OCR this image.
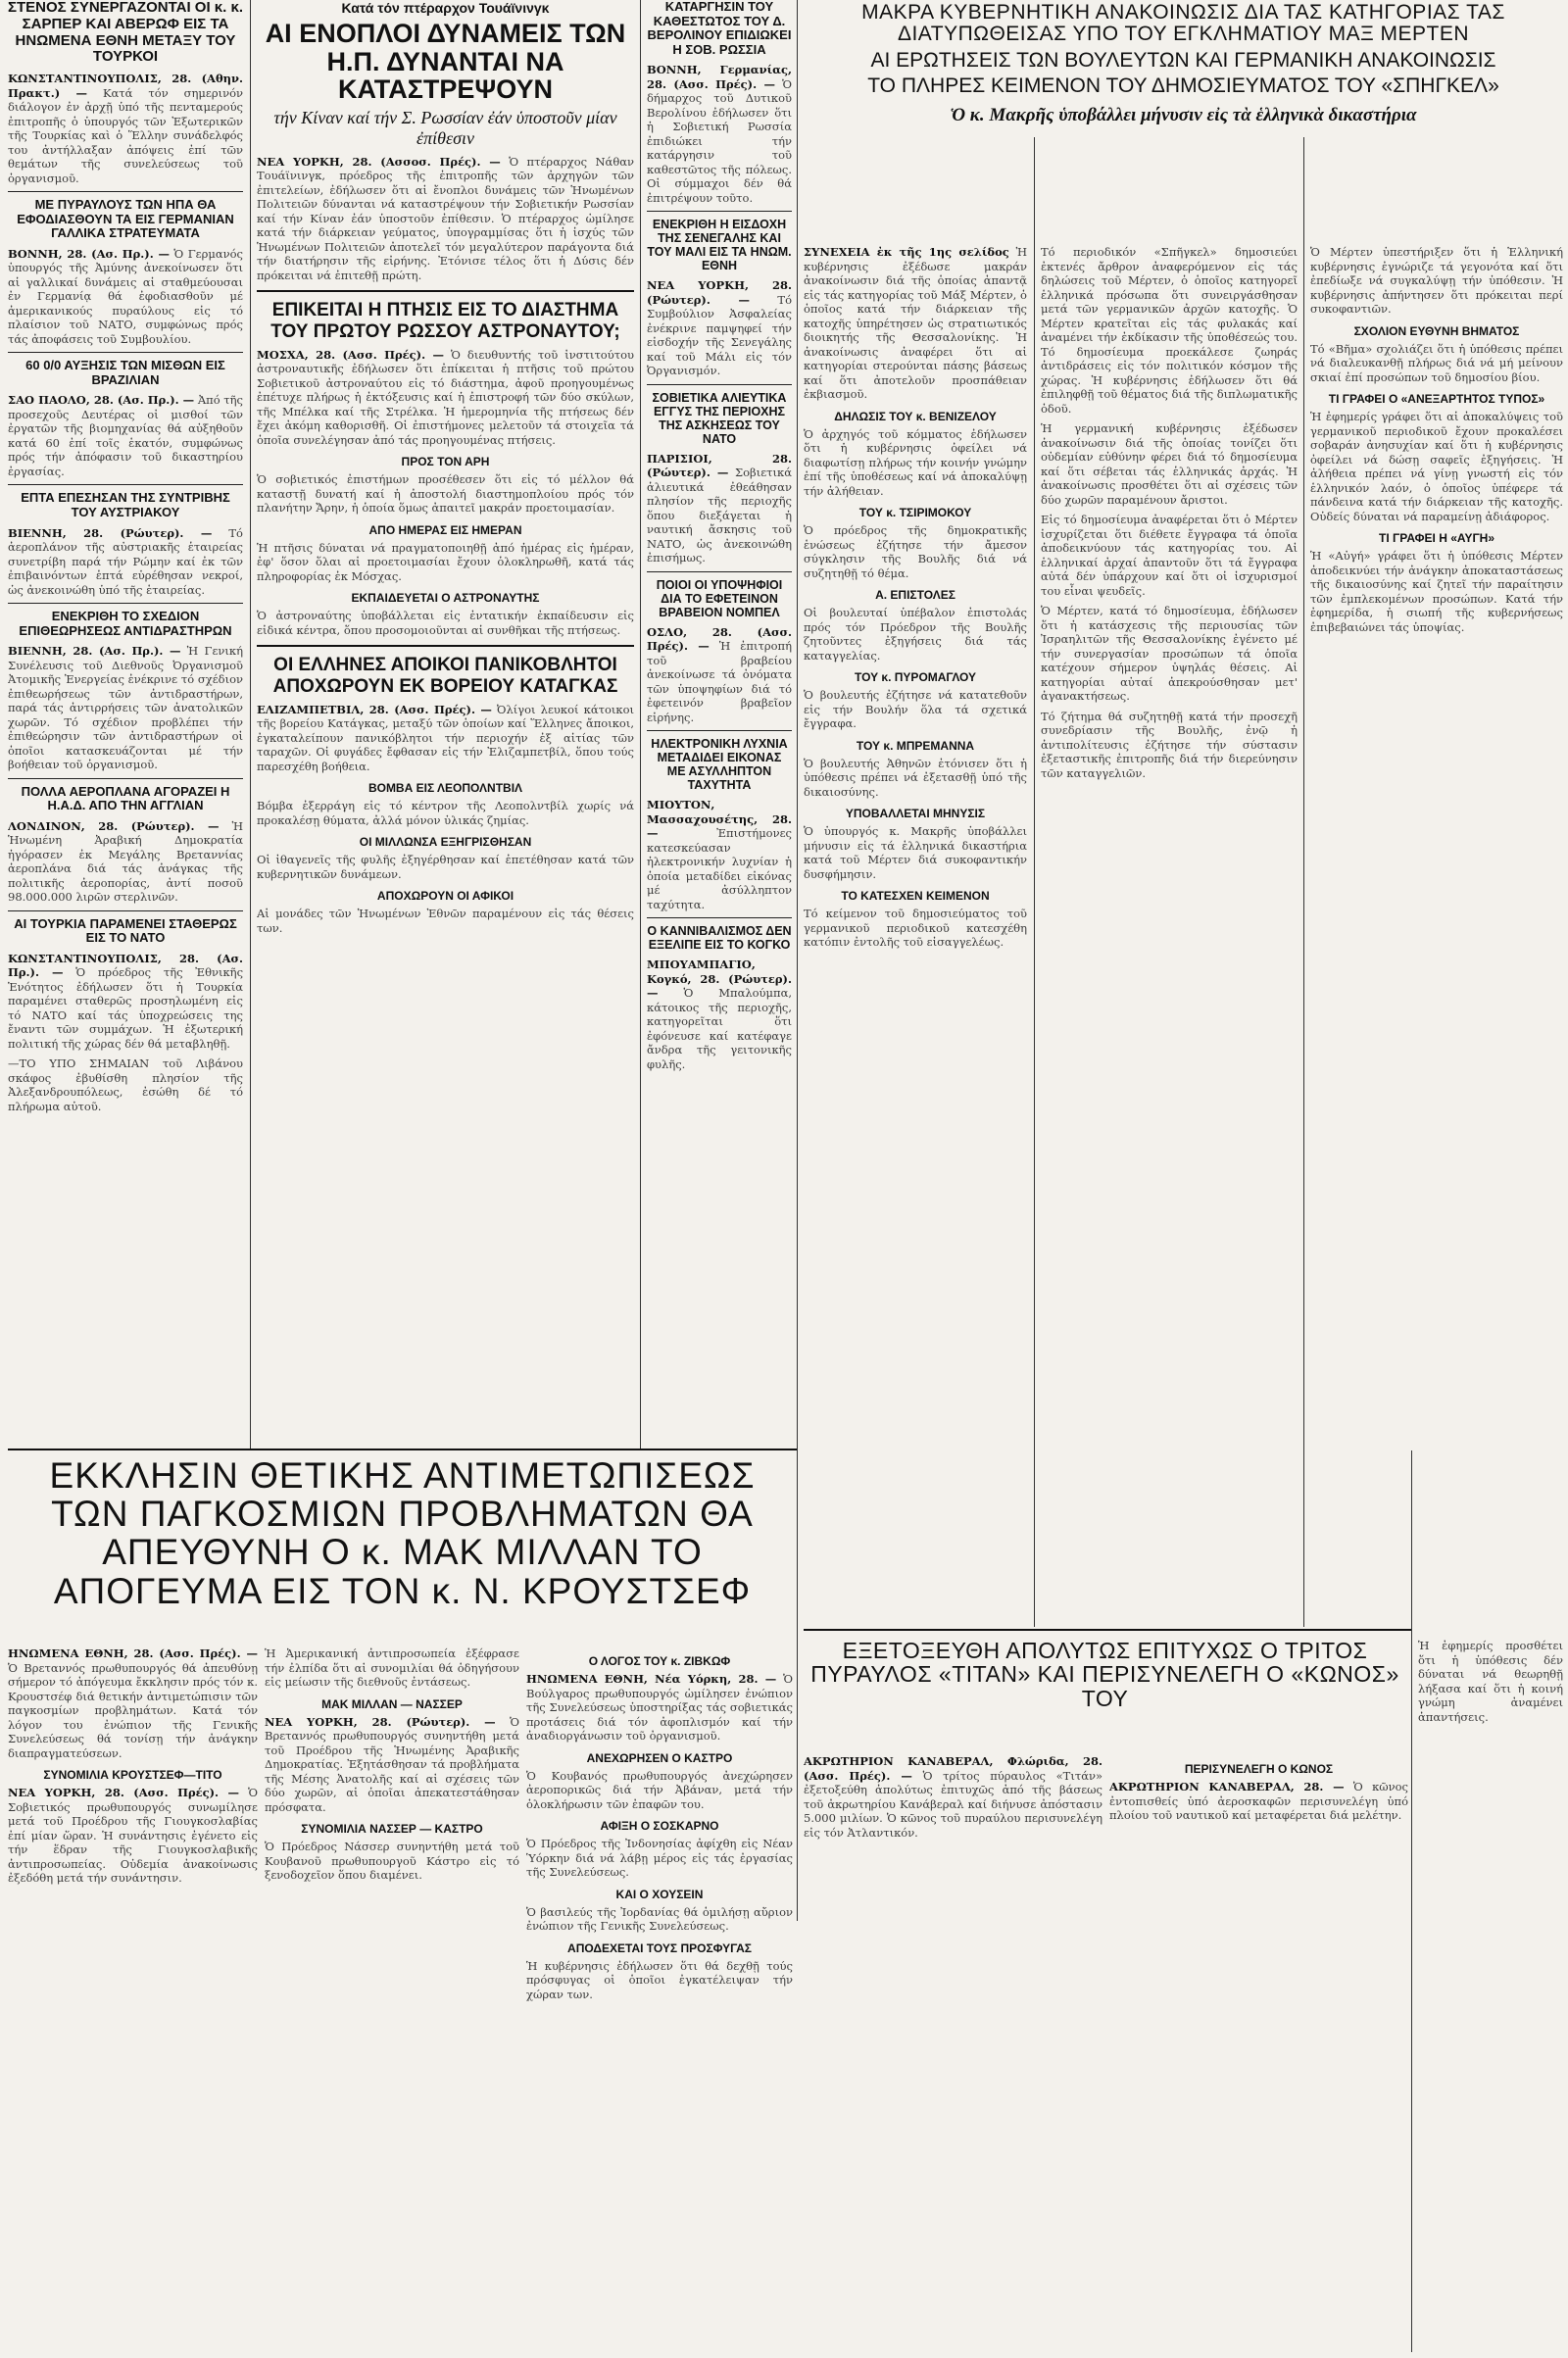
ΣΤΕΝΟΣ ΣΥΝΕΡΓΑΖΟΝΤΑΙ ΟΙ κ. κ. ΣΑΡΠΕΡ ΚΑΙ ΑΒΕΡΩΦ ΕΙΣ ΤΑ ΗΝΩΜΕΝΑ ΕΘΝΗ ΜΕΤΑΞΥ ΤΟΥ ΤΟΥΡΚΟΙ

ΚΩΝΣΤΑΝΤΙΝΟΥΠΟΛΙΣ, 28. (Αθην. Πρακτ.) — Κατά τόν σημερινόν διάλογον ἐν ἀρχῇ ὑπό τῆς πενταμερούς ἐπιτροπῆς ὁ ὑπουργός τῶν Ἐξωτερικῶν τῆς Τουρκίας καὶ ὁ Ἕλλην συνάδελφός του ἀντήλλαξαν ἀπόψεις ἐπί τῶν θεμάτων τῆς συνελεύσεως τοῦ ὀργανισμοῦ.

ΜΕ ΠΥΡΑΥΛΟΥΣ ΤΩΝ ΗΠΑ ΘΑ ΕΦΟΔΙΑΣΘΟΥΝ ΤΑ ΕΙΣ ΓΕΡΜΑΝΙΑΝ ΓΑΛΛΙΚΑ ΣΤΡΑΤΕΥΜΑΤΑ

ΒΟΝΝΗ, 28. (Ασ. Πρ.). — Ὁ Γερμανός ὑπουργός τῆς Ἀμύνης ἀνεκοίνωσεν ὅτι αἱ γαλλικαί δυνάμεις αἱ σταθμεύουσαι ἐν Γερμανίᾳ θά ἐφοδιασθοῦν μέ ἀμερικανικούς πυραύλους εἰς τό πλαίσιον τοῦ ΝΑΤΟ, συμφώνως πρός τάς ἀποφάσεις τοῦ Συμβουλίου.

60 0/0 ΑΥΞΗΣΙΣ ΤΩΝ ΜΙΣΘΩΝ ΕΙΣ ΒΡΑΖΙΛΙΑΝ

ΣΑΟ ΠΑΟΛΟ, 28. (Ασ. Πρ.). — Ἀπό τῆς προσεχοῦς Δευτέρας οἱ μισθοί τῶν ἐργατῶν τῆς βιομηχανίας θά αὐξηθοῦν κατά 60 ἐπί τοῖς ἑκατόν, συμφώνως πρός τήν ἀπόφασιν τοῦ δικαστηρίου ἐργασίας.

ΕΠΤΑ ΕΠΕΣΗΣΑΝ ΤΗΣ ΣΥΝΤΡΙΒΗΣ ΤΟΥ ΑΥΣΤΡΙΑΚΟΥ

ΒΙΕΝΝΗ, 28. (Ρώυτερ). — Τό ἀεροπλάνον τῆς αὐστριακῆς ἑταιρείας συνετρίβη παρά τήν Ρώμην καί ἐκ τῶν ἐπιβαινόντων ἑπτά εὑρέθησαν νεκροί, ὡς ἀνεκοινώθη ὑπό τῆς ἑταιρείας.

ΕΝΕΚΡΙΘΗ ΤΟ ΣΧΕΔΙΟΝ ΕΠΙΘΕΩΡΗΣΕΩΣ ΑΝΤΙΔΡΑΣΤΗΡΩΝ

ΒΙΕΝΝΗ, 28. (Ασ. Πρ.). — Ἡ Γενική Συνέλευσις τοῦ Διεθνοῦς Ὀργανισμοῦ Ἀτομικῆς Ἐνεργείας ἐνέκρινε τό σχέδιον ἐπιθεωρήσεως τῶν ἀντιδραστήρων, παρά τάς ἀντιρρήσεις τῶν ἀνατολικῶν χωρῶν. Τό σχέδιον προβλέπει τήν ἐπιθεώρησιν τῶν ἀντιδραστήρων οἱ ὁποῖοι κατασκευάζονται μέ τήν βοήθειαν τοῦ ὀργανισμοῦ.

ΠΟΛΛΑ ΑΕΡΟΠΛΑΝΑ ΑΓΟΡΑΖΕΙ Η Η.Α.Δ. ΑΠΟ ΤΗΝ ΑΓΓΛΙΑΝ

ΛΟΝΔΙΝΟΝ, 28. (Ρώυτερ). — Ἡ Ἡνωμένη Ἀραβική Δημοκρατία ἠγόρασεν ἐκ Μεγάλης Βρεταννίας ἀεροπλάνα διά τάς ἀνάγκας τῆς πολιτικῆς ἀεροπορίας, ἀντί ποσοῦ 98.000.000 λιρῶν στερλινῶν.

ΑΙ ΤΟΥΡΚΙΑ ΠΑΡΑΜΕΝΕΙ ΣΤΑΘΕΡΩΣ ΕΙΣ ΤΟ ΝΑΤΟ

ΚΩΝΣΤΑΝΤΙΝΟΥΠΟΛΙΣ, 28. (Ασ. Πρ.). — Ὁ πρόεδρος τῆς Ἐθνικῆς Ἑνότητος ἐδήλωσεν ὅτι ἡ Τουρκία παραμένει σταθερῶς προσηλωμένη εἰς τό ΝΑΤΟ καί τάς ὑποχρεώσεις της ἔναντι τῶν συμμάχων. Ἡ ἐξωτερική πολιτική τῆς χώρας δέν θά μεταβληθῇ.

—ΤΟ ΥΠΟ ΣΗΜΑΙΑΝ τοῦ Λιβάνου σκάφος ἐβυθίσθη πλησίον τῆς Ἀλεξανδρουπόλεως, ἐσώθη δέ τό πλήρωμα αὐτοῦ.

Κατά τόν πτέραρχον Τουάϊνινγκ
ΑΙ ΕΝΟΠΛΟΙ ΔΥΝΑΜΕΙΣ ΤΩΝ Η.Π. ΔΥΝΑΝΤΑΙ ΝΑ ΚΑΤΑΣΤΡΕΨΟΥΝ
τήν Κίναν καί τήν Σ. Ρωσσίαν ἐάν ὑποστοῦν μίαν ἐπίθεσιν

ΝΕΑ ΥΟΡΚΗ, 28. (Ασσοσ. Πρές). — Ὁ πτέραρχος Νάθαν Τουάϊνινγκ, πρόεδρος τῆς ἐπιτροπῆς τῶν ἀρχηγῶν τῶν ἐπιτελείων, ἐδήλωσεν ὅτι αἱ ἔνοπλοι δυνάμεις τῶν Ἡνωμένων Πολιτειῶν δύνανται νά καταστρέψουν τήν Σοβιετικήν Ρωσσίαν καί τήν Κίναν ἐάν ὑποστοῦν ἐπίθεσιν. Ὁ πτέραρχος ὡμίλησε κατά τήν διάρκειαν γεύματος, ὑπογραμμίσας ὅτι ἡ ἰσχύς τῶν Ἡνωμένων Πολιτειῶν ἀποτελεῖ τόν μεγαλύτερον παράγοντα διά τήν διατήρησιν τῆς εἰρήνης. Ἐτόνισε τέλος ὅτι ἡ Δύσις δέν πρόκειται νά ἐπιτεθῇ πρώτη.

ΕΠΙΚΕΙΤΑΙ Η ΠΤΗΣΙΣ ΕΙΣ ΤΟ ΔΙΑΣΤΗΜΑ ΤΟΥ ΠΡΩΤΟΥ ΡΩΣΣΟΥ ΑΣΤΡΟΝΑΥΤΟΥ;

ΜΟΣΧΑ, 28. (Ασσ. Πρές). — Ὁ διευθυντής τοῦ ἰνστιτούτου ἀστροναυτικῆς ἐδήλωσεν ὅτι ἐπίκειται ἡ πτῆσις τοῦ πρώτου Σοβιετικοῦ ἀστροναύτου εἰς τό διάστημα, ἀφοῦ προηγουμένως ἐπέτυχε πλήρως ἡ ἐκτόξευσις καί ἡ ἐπιστροφή τῶν δύο σκύλων, τῆς Μπέλκα καί τῆς Στρέλκα. Ἡ ἡμερομηνία τῆς πτήσεως δέν ἔχει ἀκόμη καθορισθῆ. Οἱ ἐπιστήμονες μελετοῦν τά στοιχεῖα τά ὁποῖα συνελέγησαν ἀπό τάς προηγουμένας πτήσεις.

ΠΡΟΣ ΤΟΝ ΑΡΗ

Ὁ σοβιετικός ἐπιστήμων προσέθεσεν ὅτι εἰς τό μέλλον θά καταστῇ δυνατή καί ἡ ἀποστολή διαστημοπλοίου πρός τόν πλανήτην Ἄρην, ἡ ὁποία ὅμως ἀπαιτεῖ μακράν προετοιμασίαν.

ΑΠΟ ΗΜΕΡΑΣ ΕΙΣ ΗΜΕΡΑΝ

Ἡ πτῆσις δύναται νά πραγματοποιηθῇ ἀπό ἡμέρας εἰς ἡμέραν, ἐφ' ὅσον ὅλαι αἱ προετοιμασίαι ἔχουν ὁλοκληρωθῆ, κατά τάς πληροφορίας ἐκ Μόσχας.

ΕΚΠΑΙΔΕΥΕΤΑΙ Ο ΑΣΤΡΟΝΑΥΤΗΣ

Ὁ ἀστροναύτης ὑποβάλλεται εἰς ἐντατικήν ἐκπαίδευσιν εἰς εἰδικά κέντρα, ὅπου προσομοιοῦνται αἱ συνθῆκαι τῆς πτήσεως.

ΟΙ ΕΛΛΗΝΕΣ ΑΠΟΙΚΟΙ ΠΑΝΙΚΟΒΛΗΤΟΙ ΑΠΟΧΩΡΟΥΝ ΕΚ ΒΟΡΕΙΟΥ ΚΑΤΑΓΚΑΣ

ΕΛΙΖΑΜΠΕΤΒΙΛ, 28. (Ασσ. Πρές). — Ὀλίγοι λευκοί κάτοικοι τῆς βορείου Κατάγκας, μεταξύ τῶν ὁποίων καί Ἕλληνες ἄποικοι, ἐγκαταλείπουν πανικόβλητοι τήν περιοχήν ἐξ αἰτίας τῶν ταραχῶν. Οἱ φυγάδες ἔφθασαν εἰς τήν Ἐλιζαμπετβίλ, ὅπου τούς παρεσχέθη βοήθεια.

ΒΟΜΒΑ ΕΙΣ ΛΕΟΠΟΛΝΤΒΙΛ

Βόμβα ἐξερράγη εἰς τό κέντρον τῆς Λεοπολντβίλ χωρίς νά προκαλέσῃ θύματα, ἀλλά μόνον ὑλικάς ζημίας.

ΟΙ ΜΙΛΛΩΝΣΑ ΕΞΗΓΡΙΣΘΗΣΑΝ

Οἱ ἰθαγενεῖς τῆς φυλῆς ἐξηγέρθησαν καί ἐπετέθησαν κατά τῶν κυβερνητικῶν δυνάμεων.

ΑΠΟΧΩΡΟΥΝ ΟΙ ΑΦΙΚΟΙ

Αἱ μονάδες τῶν Ἡνωμένων Ἐθνῶν παραμένουν εἰς τάς θέσεις των.

ΚΑΤΑΡΓΗΣΙΝ ΤΟΥ ΚΑΘΕΣΤΩΤΟΣ ΤΟΥ Δ. ΒΕΡΟΛΙΝΟΥ ΕΠΙΔΙΩΚΕΙ Η ΣΟΒ. ΡΩΣΣΙΑ

ΒΟΝΝΗ, Γερμανίας, 28. (Ασσ. Πρές). — Ὁ δήμαρχος τοῦ Δυτικοῦ Βερολίνου ἐδήλωσεν ὅτι ἡ Σοβιετική Ρωσσία ἐπιδιώκει τήν κατάργησιν τοῦ καθεστῶτος τῆς πόλεως. Οἱ σύμμαχοι δέν θά ἐπιτρέψουν τοῦτο.

ΕΝΕΚΡΙΘΗ Η ΕΙΣΔΟΧΗ ΤΗΣ ΣΕΝΕΓΑΛΗΣ ΚΑΙ ΤΟΥ ΜΑΛΙ ΕΙΣ ΤΑ ΗΝΩΜ. ΕΘΝΗ

ΝΕΑ ΥΟΡΚΗ, 28. (Ρώυτερ). — Τό Συμβούλιον Ἀσφαλείας ἐνέκρινε παμψηφεί τήν εἰσδοχήν τῆς Σενεγάλης καί τοῦ Μάλι εἰς τόν Ὀργανισμόν.

ΣΟΒΙΕΤΙΚΑ ΑΛΙΕΥΤΙΚΑ ΕΓΓΥΣ ΤΗΣ ΠΕΡΙΟΧΗΣ ΤΗΣ ΑΣΚΗΣΕΩΣ ΤΟΥ ΝΑΤΟ

ΠΑΡΙΣΙΟΙ, 28. (Ρώυτερ). — Σοβιετικά ἁλιευτικά ἐθεάθησαν πλησίον τῆς περιοχῆς ὅπου διεξάγεται ἡ ναυτική ἄσκησις τοῦ ΝΑΤΟ, ὡς ἀνεκοινώθη ἐπισήμως.

ΠΟΙΟΙ ΟΙ ΥΠΟΨΗΦΙΟΙ ΔΙΑ ΤΟ ΕΦΕΤΕΙΝΟΝ ΒΡΑΒΕΙΟΝ ΝΟΜΠΕΛ

ΟΣΛΟ, 28. (Ασσ. Πρές). — Ἡ ἐπιτροπή τοῦ βραβείου ἀνεκοίνωσε τά ὀνόματα τῶν ὑποψηφίων διά τό ἐφετεινόν βραβεῖον εἰρήνης.

ΗΛΕΚΤΡΟΝΙΚΗ ΛΥΧΝΙΑ ΜΕΤΑΔΙΔΕΙ ΕΙΚΟΝΑΣ ΜΕ ΑΣΥΛΛΗΠΤΟΝ ΤΑΧΥΤΗΤΑ

ΜΙΟΥΤΟΝ, Μασσαχουσέτης, 28. —	Ἐπιστήμονες κατεσκεύασαν ἠλεκτρονικήν λυχνίαν ἡ ὁποία μεταδίδει εἰκόνας μέ ἀσύλληπτον ταχύτητα.

Ο ΚΑΝΝΙΒΑΛΙΣΜΟΣ ΔΕΝ ΕΞΕΛΙΠΕ ΕΙΣ ΤΟ ΚΟΓΚΟ

ΜΠΟΥΑΜΠΑΓΙΟ, Κογκό, 28. (Ρώυτερ). — Ὁ Μπαλούμπα, κάτοικος τῆς περιοχῆς, κατηγορεῖται ὅτι ἐφόνευσε καί κατέφαγε ἄνδρα τῆς γειτονικῆς φυλῆς.

ΜΑΚΡΑ ΚΥΒΕΡΝΗΤΙΚΗ ΑΝΑΚΟΙΝΩΣΙΣ ΔΙΑ ΤΑΣ ΚΑΤΗΓΟΡΙΑΣ ΤΑΣ ΔΙΑΤΥΠΩΘΕΙΣΑΣ ΥΠΟ ΤΟΥ ΕΓΚΛΗΜΑΤΙΟΥ ΜΑΞ ΜΕΡΤΕΝ
ΑΙ ΕΡΩΤΗΣΕΙΣ ΤΩΝ ΒΟΥΛΕΥΤΩΝ ΚΑΙ ΓΕΡΜΑΝΙΚΗ ΑΝΑΚΟΙΝΩΣΙΣ
ΤΟ ΠΛΗΡΕΣ ΚΕΙΜΕΝΟΝ ΤΟΥ ΔΗΜΟΣΙΕΥΜΑΤΟΣ ΤΟΥ «ΣΠΗΓΚΕΛ»
Ὁ κ. Μακρῆς ὑποβάλλει μήνυσιν εἰς τὰ ἑλληνικὰ δικαστήρια

ΣΥΝΕΧΕΙΑ ἐκ τῆς 1ης σελίδος Ἡ κυβέρνησις ἐξέδωσε μακράν ἀνακοίνωσιν διά τῆς ὁποίας ἀπαντᾷ εἰς τάς κατηγορίας τοῦ Μάξ Μέρτεν, ὁ ὁποῖος κατά τήν διάρκειαν τῆς κατοχῆς ὑπηρέτησεν ὡς στρατιωτικός διοικητής τῆς Θεσσαλονίκης. Ἡ ἀνακοίνωσις ἀναφέρει ὅτι αἱ κατηγορίαι στερούνται πάσης βάσεως καί ὅτι ἀποτελοῦν προσπάθειαν ἐκβιασμοῦ.

ΔΗΛΩΣΙΣ ΤΟΥ κ. ΒΕΝΙΖΕΛΟΥ

Ὁ ἀρχηγός τοῦ κόμματος ἐδήλωσεν ὅτι ἡ κυβέρνησις ὀφείλει νά διαφωτίσῃ πλήρως τήν κοινήν γνώμην ἐπί τῆς ὑποθέσεως καί νά ἀποκαλύψῃ τήν ἀλήθειαν.

ΤΟΥ κ. ΤΣΙΡΙΜΟΚΟΥ

Ὁ πρόεδρος τῆς δημοκρατικῆς ἑνώσεως ἐζήτησε τήν ἄμεσον σύγκλησιν τῆς Βουλῆς διά νά συζητηθῇ τό θέμα.

Α. ΕΠΙΣΤΟΛΕΣ

Οἱ βουλευταί ὑπέβαλον ἐπιστολάς πρός τόν Πρόεδρον τῆς Βουλῆς ζητοῦντες ἐξηγήσεις διά τάς καταγγελίας.

ΤΟΥ κ. ΠΥΡΟΜΑΓΛΟΥ

Ὁ βουλευτής ἐζήτησε νά κατατεθοῦν εἰς τήν Βουλήν ὅλα τά σχετικά ἔγγραφα.

ΤΟΥ κ. ΜΠΡΕΜΑΝΝΑ

Ὁ βουλευτής Ἀθηνῶν ἐτόνισεν ὅτι ἡ ὑπόθεσις πρέπει νά ἐξετασθῇ ὑπό τῆς δικαιοσύνης.

ΥΠΟΒΑΛΛΕΤΑΙ ΜΗΝΥΣΙΣ

Ὁ ὑπουργός κ. Μακρῆς ὑποβάλλει μήνυσιν εἰς τά ἑλληνικά δικαστήρια κατά τοῦ Μέρτεν διά συκοφαντικήν δυσφήμησιν.

ΤΟ ΚΑΤΕΣΧΕΝ ΚΕΙΜΕΝΟΝ

Τό κείμενον τοῦ δημοσιεύματος τοῦ γερμανικοῦ περιοδικοῦ κατεσχέθη κατόπιν ἐντολῆς τοῦ εἰσαγγελέως.

Τό περιοδικόν «Σπῆγκελ» δημοσιεύει ἐκτενές ἄρθρον ἀναφερόμενον εἰς τάς δηλώσεις τοῦ Μέρτεν, ὁ ὁποῖος κατηγορεῖ ἑλληνικά πρόσωπα ὅτι συνειργάσθησαν μετά τῶν γερμανικῶν ἀρχῶν κατοχῆς. Ὁ Μέρτεν κρατεῖται εἰς τάς φυλακάς καί ἀναμένει τήν ἐκδίκασιν τῆς ὑποθέσεώς του. Τό δημοσίευμα προεκάλεσε ζωηράς ἀντιδράσεις εἰς τόν πολιτικόν κόσμον τῆς χώρας. Ἡ κυβέρνησις ἐδήλωσεν ὅτι θά ἐπιληφθῇ τοῦ θέματος διά τῆς διπλωματικῆς ὁδοῦ.

Ἡ γερμανική κυβέρνησις ἐξέδωσεν ἀνακοίνωσιν διά τῆς ὁποίας τονίζει ὅτι οὐδεμίαν εὐθύνην φέρει διά τό δημοσίευμα καί ὅτι σέβεται τάς ἑλληνικάς ἀρχάς. Ἡ ἀνακοίνωσις προσθέτει ὅτι αἱ σχέσεις τῶν δύο χωρῶν παραμένουν ἄριστοι.

Εἰς τό δημοσίευμα ἀναφέρεται ὅτι ὁ Μέρτεν ἰσχυρίζεται ὅτι διέθετε ἔγγραφα τά ὁποῖα ἀποδεικνύουν τάς κατηγορίας του. Αἱ ἑλληνικαί ἀρχαί ἀπαντοῦν ὅτι τά ἔγγραφα αὐτά δέν ὑπάρχουν καί ὅτι οἱ ἰσχυρισμοί του εἶναι ψευδεῖς.

Ὁ Μέρτεν, κατά τό δημοσίευμα, ἐδήλωσεν ὅτι ἡ κατάσχεσις τῆς περιουσίας τῶν Ἰσραηλιτῶν τῆς Θεσσαλονίκης ἐγένετο μέ τήν συνεργασίαν προσώπων τά ὁποῖα κατέχουν σήμερον ὑψηλάς θέσεις. Αἱ κατηγορίαι αὐταί ἀπεκρούσθησαν μετ' ἀγανακτήσεως.

Τό ζήτημα θά συζητηθῇ κατά τήν προσεχῆ συνεδρίασιν τῆς Βουλῆς, ἐνῷ ἡ ἀντιπολίτευσις ἐζήτησε τήν σύστασιν ἐξεταστικῆς ἐπιτροπῆς διά τήν διερεύνησιν τῶν καταγγελιῶν.

Ὁ Μέρτεν ὑπεστήριξεν ὅτι ἡ Ἑλληνική κυβέρνησις ἐγνώριζε τά γεγονότα καί ὅτι ἐπεδίωξε νά συγκαλύψῃ τήν ὑπόθεσιν. Ἡ κυβέρνησις ἀπήντησεν ὅτι πρόκειται περί συκοφαντιῶν.

ΣΧΟΛΙΟΝ ΕΥΘΥΝΗ ΒΗΜΑΤΟΣ

Τό «Βῆμα» σχολιάζει ὅτι ἡ ὑπόθεσις πρέπει νά διαλευκανθῇ πλήρως διά νά μή μείνουν σκιαί ἐπί προσώπων τοῦ δημοσίου βίου.

ΤΙ ΓΡΑΦΕΙ Ο «ΑΝΕΞΑΡΤΗΤΟΣ ΤΥΠΟΣ»

Ἡ ἐφημερίς γράφει ὅτι αἱ ἀποκαλύψεις τοῦ γερμανικοῦ περιοδικοῦ ἔχουν προκαλέσει σοβαράν ἀνησυχίαν καί ὅτι ἡ κυβέρνησις ὀφείλει νά δώσῃ σαφεῖς ἐξηγήσεις. Ἡ ἀλήθεια πρέπει νά γίνῃ γνωστή εἰς τόν ἑλληνικόν λαόν, ὁ ὁποῖος ὑπέφερε τά πάνδεινα κατά τήν διάρκειαν τῆς κατοχῆς. Οὐδείς δύναται νά παραμείνῃ ἀδιάφορος.

ΤΙ ΓΡΑΦΕΙ Η «ΑΥΓΗ»

Ἡ «Αὐγή» γράφει ὅτι ἡ ὑπόθεσις Μέρτεν ἀποδεικνύει τήν ἀνάγκην ἀποκαταστάσεως τῆς δικαιοσύνης καί ζητεῖ τήν παραίτησιν τῶν ἐμπλεκομένων προσώπων. Κατά τήν ἐφημερίδα, ἡ σιωπή τῆς κυβερνήσεως ἐπιβεβαιώνει τάς ὑποψίας.

ΕΚΚΛΗΣΙΝ ΘΕΤΙΚΗΣ ΑΝΤΙΜΕΤΩΠΙΣΕΩΣ ΤΩΝ ΠΑΓΚΟΣΜΙΩΝ ΠΡΟΒΛΗΜΑΤΩΝ ΘΑ ΑΠΕΥΘΥΝΗ Ο κ. ΜΑΚ ΜΙΛΛΑΝ ΤΟ ΑΠΟΓΕΥΜΑ ΕΙΣ ΤΟΝ κ. Ν. ΚΡΟΥΣΤΣΕΦ

ΗΝΩΜΕΝΑ ΕΘΝΗ, 28. (Ασσ. Πρές). — Ὁ Βρεταννός πρωθυπουργός θά ἀπευθύνῃ σήμερον τό ἀπόγευμα ἔκκλησιν πρός τόν κ. Κρουστσέφ διά θετικήν ἀντιμετώπισιν τῶν παγκοσμίων προβλημάτων. Κατά τόν λόγον του ἐνώπιον τῆς Γενικῆς Συνελεύσεως θά τονίσῃ τήν ἀνάγκην διαπραγματεύσεων.

ΣΥΝΟΜΙΛΙΑ ΚΡΟΥΣΤΣΕΦ—ΤΙΤΟ

ΝΕΑ ΥΟΡΚΗ, 28. (Ασσ. Πρές). — Ὁ Σοβιετικός πρωθυπουργός συνωμίλησε μετά τοῦ Προέδρου τῆς Γιουγκοσλαβίας ἐπί μίαν ὥραν. Ἡ συνάντησις ἐγένετο εἰς τήν ἕδραν τῆς Γιουγκοσλαβικῆς ἀντιπροσωπείας. Οὐδεμία ἀνακοίνωσις ἐξεδόθη μετά τήν συνάντησιν.

Ἡ Ἀμερικανική ἀντιπροσωπεία ἐξέφρασε τήν ἐλπίδα ὅτι αἱ συνομιλίαι θά ὁδηγήσουν εἰς μείωσιν τῆς διεθνοῦς ἐντάσεως.

ΜΑΚ ΜΙΛΛΑΝ — ΝΑΣΣΕΡ

ΝΕΑ ΥΟΡΚΗ, 28. (Ρώυτερ). — Ὁ Βρεταννός πρωθυπουργός συνηντήθη μετά τοῦ Προέδρου τῆς Ἡνωμένης Ἀραβικῆς Δημοκρατίας. Ἐξητάσθησαν τά προβλήματα τῆς Μέσης Ἀνατολῆς καί αἱ σχέσεις τῶν δύο χωρῶν, αἱ ὁποῖαι ἀπεκατεστάθησαν πρόσφατα.

ΣΥΝΟΜΙΛΙΑ ΝΑΣΣΕΡ — ΚΑΣΤΡΟ

Ὁ Πρόεδρος Νάσσερ συνηντήθη μετά τοῦ Κουβανοῦ πρωθυπουργοῦ Κάστρο εἰς τό ξενοδοχεῖον ὅπου διαμένει.

Ο ΛΟΓΟΣ ΤΟΥ κ. ΖΙΒΚΩΦ

ΗΝΩΜΕΝΑ ΕΘΝΗ, Νέα Υόρκη, 28. — Ὁ Βούλγαρος πρωθυπουργός ὡμίλησεν ἐνώπιον τῆς Συνελεύσεως ὑποστηρίξας τάς σοβιετικάς προτάσεις διά τόν ἀφοπλισμόν καί τήν ἀναδιοργάνωσιν τοῦ ὀργανισμοῦ.

ΑΝΕΧΩΡΗΣΕΝ Ο ΚΑΣΤΡΟ

Ὁ Κουβανός πρωθυπουργός ἀνεχώρησεν ἀεροπορικῶς διά τήν Ἀβάναν, μετά τήν ὁλοκλήρωσιν τῶν ἐπαφῶν του.

ΑΦΙΞΗ Ο ΣΟΣΚΑΡΝΟ

Ὁ Πρόεδρος τῆς Ἰνδονησίας ἀφίχθη εἰς Νέαν Ὑόρκην διά νά λάβῃ μέρος εἰς τάς ἐργασίας τῆς Συνελεύσεως.

ΚΑΙ Ο ΧΟΥΣΕΙΝ

Ὁ βασιλεύς τῆς Ἰορδανίας θά ὁμιλήσῃ αὔριον ἐνώπιον τῆς Γενικῆς Συνελεύσεως.

ΑΠΟΔΕΧΕΤΑΙ ΤΟΥΣ ΠΡΟΣΦΥΓΑΣ

Ἡ κυβέρνησις ἐδήλωσεν ὅτι θά δεχθῇ τούς πρόσφυγας οἱ ὁποῖοι ἐγκατέλειψαν τήν χώραν των.

ΕΞΕΤΟΞΕΥΘΗ ΑΠΟΛΥΤΩΣ ΕΠΙΤΥΧΩΣ Ο ΤΡΙΤΟΣ ΠΥΡΑΥΛΟΣ «ΤΙΤΑΝ» ΚΑΙ ΠΕΡΙΣΥΝΕΛΕΓΗ Ο «ΚΩΝΟΣ» ΤΟΥ

ΑΚΡΩΤΗΡΙΟΝ ΚΑΝΑΒΕΡΑΛ, Φλώριδα, 28. (Ασσ. Πρές). — Ὁ τρίτος πύραυλος «Τιτάν» ἐξετοξεύθη ἀπολύτως ἐπιτυχῶς ἀπό τῆς βάσεως τοῦ ἀκρωτηρίου Κανάβεραλ καί διήνυσε ἀπόστασιν 5.000 μιλίων. Ὁ κῶνος τοῦ πυραύλου περισυνελέγη εἰς τόν Ἀτλαντικόν.

ΠΕΡΙΣΥΝΕΛΕΓΗ Ο ΚΩΝΟΣ

ΑΚΡΩΤΗΡΙΟΝ ΚΑΝΑΒΕΡΑΛ, 28. — Ὁ κῶνος ἐντοπισθείς ὑπό ἀεροσκαφῶν περισυνελέγη ὑπό πλοίου τοῦ ναυτικοῦ καί μεταφέρεται διά μελέτην.

Ἡ ἐφημερίς προσθέτει ὅτι ἡ ὑπόθεσις δέν δύναται νά θεωρηθῇ λήξασα καί ὅτι ἡ κοινή γνώμη ἀναμένει ἀπαντήσεις.
